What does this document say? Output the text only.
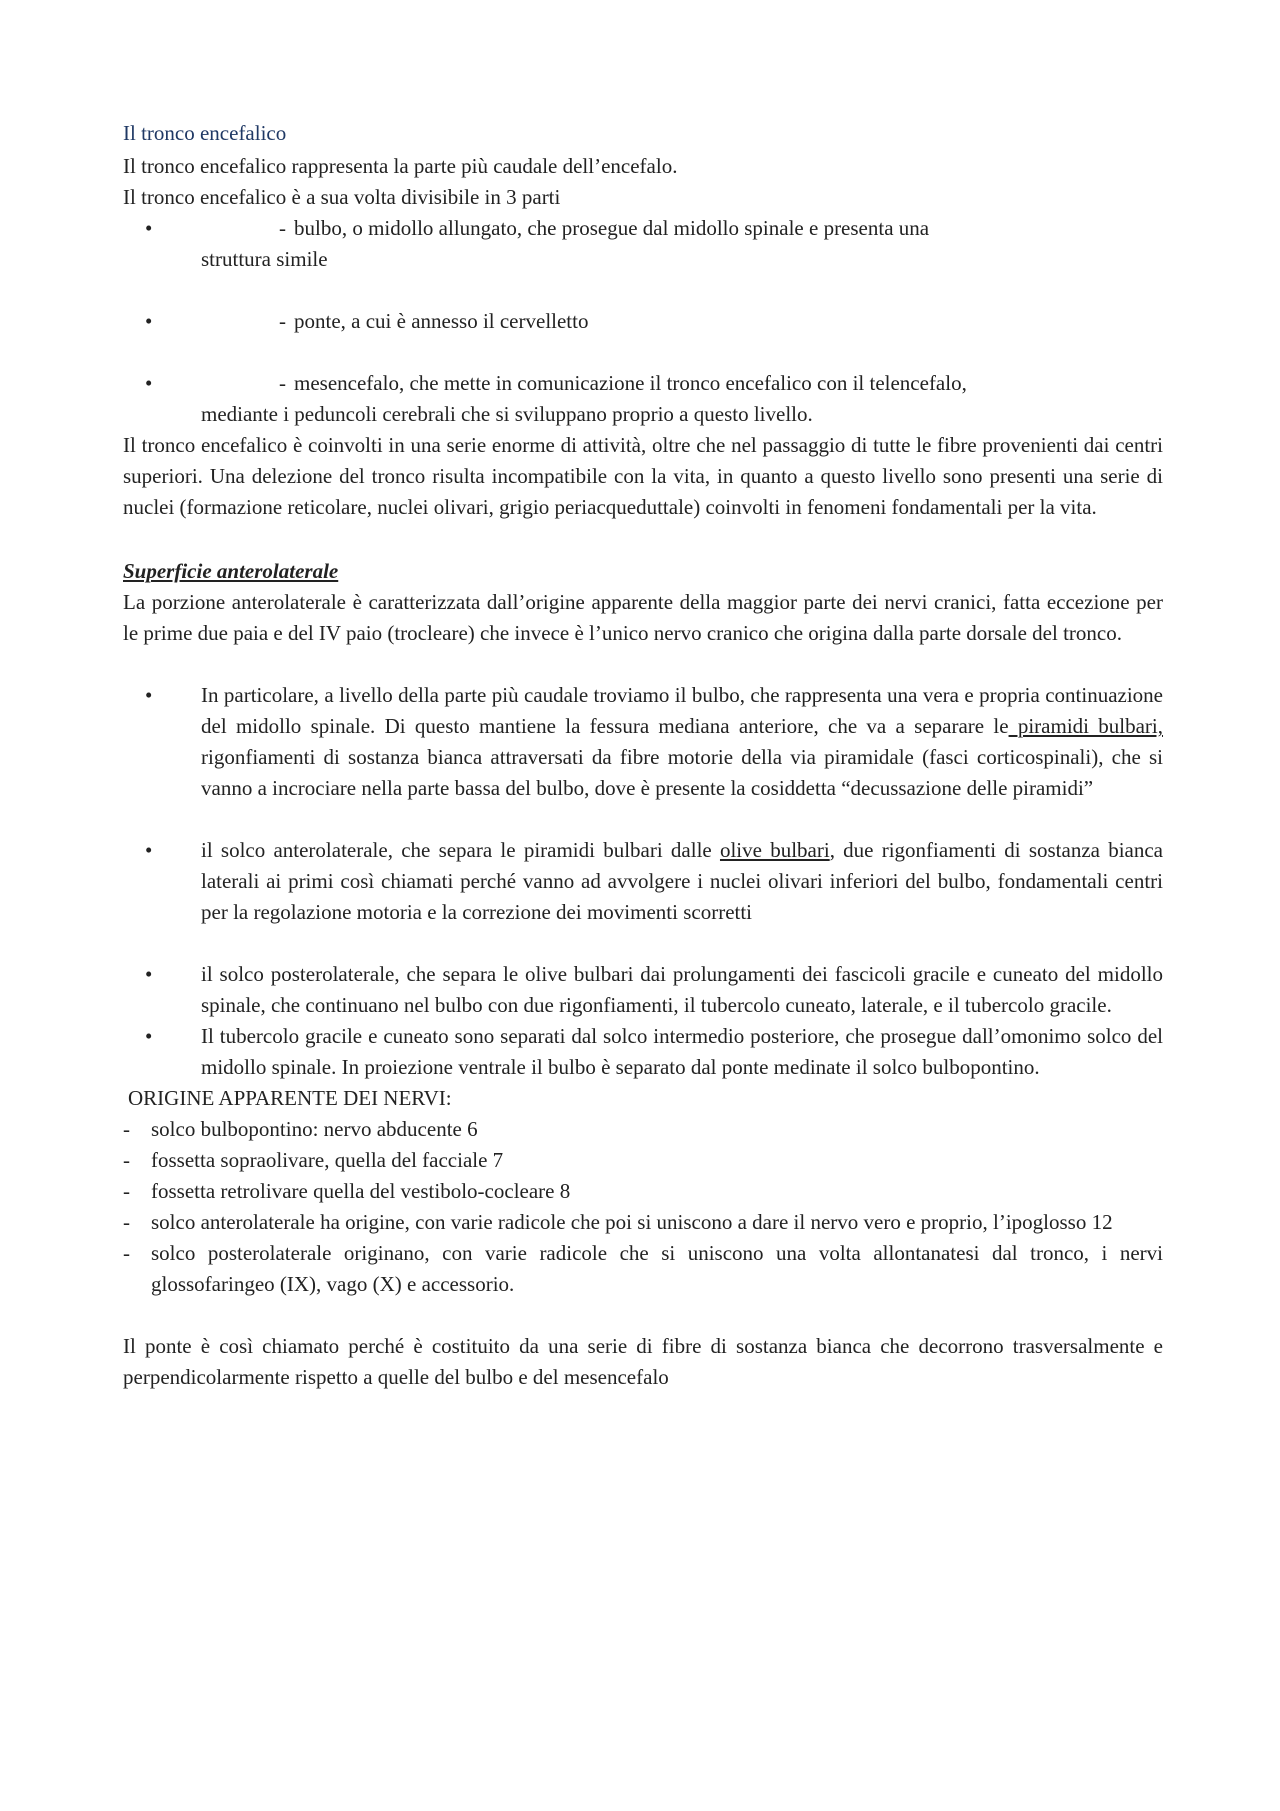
Il tronco encefalico

Il tronco encefalico rappresenta la parte più caudale dell’encefalo.

Il tronco encefalico è a sua volta divisibile in 3 parti

•	- bulbo, o midollo allungato, che prosegue dal midollo spinale e presenta una
struttura simile
•	- ponte, a cui è annesso il cervelletto
•	- mesencefalo, che mette in comunicazione il tronco encefalico con il telencefalo,
mediante i peduncoli cerebrali che si sviluppano proprio a questo livello.

Il tronco encefalico è coinvolti in una serie enorme di attività, oltre che nel passaggio di tutte le fibre provenienti dai centri superiori. Una delezione del tronco risulta incompatibile con la vita, in quanto a questo livello sono presenti una serie di nuclei (formazione reticolare, nuclei olivari, grigio periacqueduttale) coinvolti in fenomeni fondamentali per la vita.

Superficie anterolaterale

La porzione anterolaterale è caratterizzata dall’origine apparente della maggior parte dei nervi cranici, fatta eccezione per le prime due paia e del IV paio (trocleare) che invece è l’unico nervo cranico che origina dalla parte dorsale del tronco.

• In particolare, a livello della parte più caudale troviamo il bulbo, che rappresenta una vera e propria continuazione del midollo spinale. Di questo mantiene la fessura mediana anteriore, che va a separare le piramidi bulbari, rigonfiamenti di sostanza bianca attraversati da fibre motorie della via piramidale (fasci corticospinali), che si vanno a incrociare nella parte bassa del bulbo, dove è presente la cosiddetta “decussazione delle piramidi”
• il solco anterolaterale, che separa le piramidi bulbari dalle olive bulbari, due rigonfiamenti di sostanza bianca laterali ai primi così chiamati perché vanno ad avvolgere i nuclei olivari inferiori del bulbo, fondamentali centri per la regolazione motoria e la correzione dei movimenti scorretti
• il solco posterolaterale, che separa le olive bulbari dai prolungamenti dei fascicoli gracile e cuneato del midollo spinale, che continuano nel bulbo con due rigonfiamenti, il tubercolo cuneato, laterale, e il tubercolo gracile.
• Il tubercolo gracile e cuneato sono separati dal solco intermedio posteriore, che prosegue dall’omonimo solco del midollo spinale. In proiezione ventrale il bulbo è separato dal ponte medinate il solco bulbopontino.

ORIGINE APPARENTE DEI NERVI:

- solco bulbopontino: nervo abducente 6
- fossetta sopraolivare, quella del facciale 7
- fossetta retrolivare quella del vestibolo-cocleare 8
- solco anterolaterale ha origine, con varie radicole che poi si uniscono a dare il nervo vero e proprio, l’ipoglosso 12
- solco posterolaterale originano, con varie radicole che si uniscono una volta allontanatesi dal tronco, i nervi glossofaringeo (IX), vago (X) e accessorio.

Il ponte è così chiamato perché è costituito da una serie di fibre di sostanza bianca che decorrono trasversalmente e perpendicolarmente rispetto a quelle del bulbo e del mesencefalo
